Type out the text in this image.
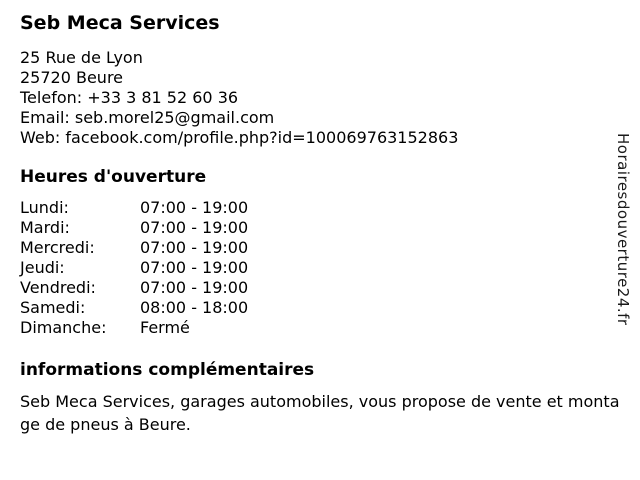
Seb Meca Services
25 Rue de Lyon
25720 Beure
Telefon: +33 3 81 52 60 36
Email: seb.morel25@gmail.com
Web: facebook.com/profile.php?id=100069763152863
Heures d'ouverture
Lundi:	07:00 - 19:00
Mardi:	07:00 - 19:00
Mercredi:	07:00 - 19:00
Jeudi:	07:00 - 19:00
Vendredi:	07:00 - 19:00
Samedi:	08:00 - 18:00
Dimanche:	Fermé
informations complémentaires

Seb Meca Services, garages automobiles, vous propose de vente et montage de pneus à Beure.

Horairesdouverture24.fr
